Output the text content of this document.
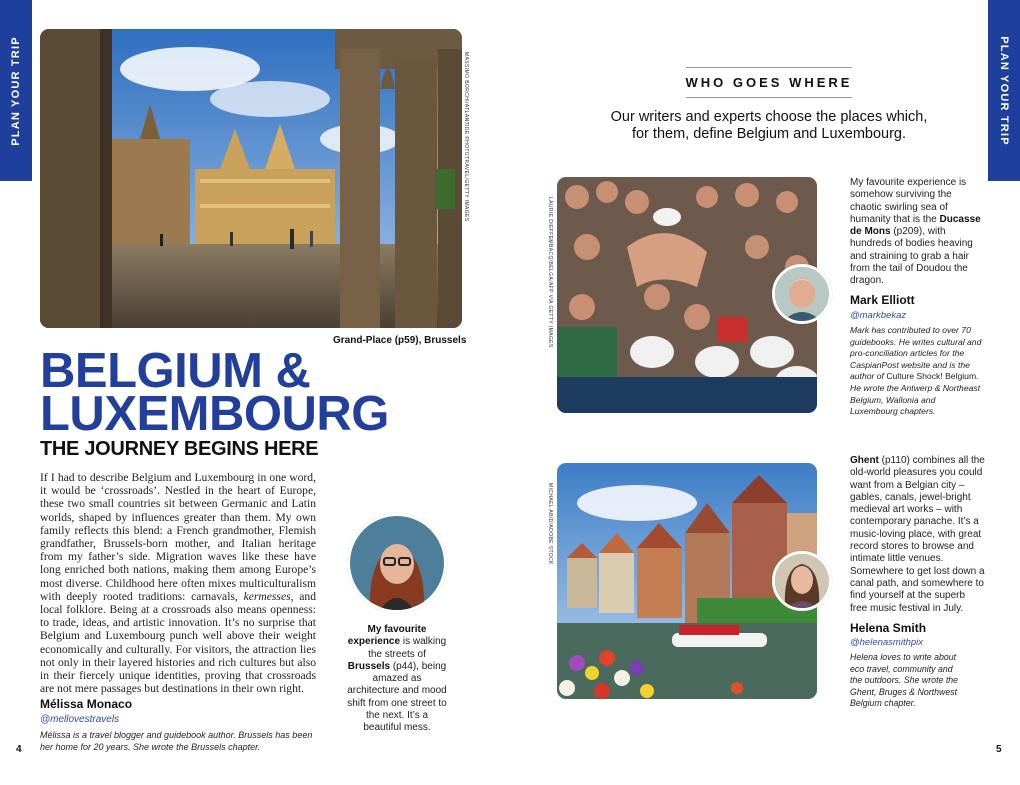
PLAN YOUR TRIP	PLAN YOUR TRIP
MASSIMO BORCHI/ATLANTIDE PHOTOTRAVEL/GETTY IMAGES
Grand-Place (p59), Brussels
BELGIUM &
LUXEMBOURG
THE JOURNEY BEGINS HERE
If I had to describe Belgium and Luxembourg in one word, it would be ‘crossroads’. Nestled in the heart of Europe, these two small countries sit between Germanic and Latin worlds, shaped by influences greater than them. My own family reflects this blend: a French grandmother, Flemish grandfather, Brussels-born mother, and Italian heritage from my father’s side. Migration waves like these have long enriched both nations, making them among Europe’s most diverse. Childhood here often mixes multiculturalism with deeply rooted traditions: carnavals, kermesses, and local folklore. Being at a crossroads also means openness: to trade, ideas, and artistic innovation. It’s no surprise that Belgium and Luxembourg punch well above their weight economically and culturally. For visitors, the attraction lies not only in their layered histories and rich cultures but also in their fiercely unique identities, proving that crossroads are not mere passages but destinations in their own right.
Mélissa Monaco
@mellovestravels
Mélissa is a travel blogger and guidebook author. Brussels has been her home for 20 years. She wrote the Brussels chapter.
My favourite experience is walking the streets of Brussels (p44), being amazed as architecture and mood shift from one street to the next. It’s a beautiful mess.
4
WHO GOES WHERE
Our writers and experts choose the places which, for them, define Belgium and Luxembourg.
LAURIE DIEFFEMBACQ/BELGA/AFP VIA GETTY IMAGES
My favourite experience is somehow surviving the chaotic swirling sea of humanity that is the Ducasse de Mons (p209), with hundreds of bodies heaving and straining to grab a hair from the tail of Doudou the dragon.
Mark Elliott
@markbekaz
Mark has contributed to over 70 guidebooks. He writes cultural and pro-conciliation articles for the CaspianPost website and is the author of Culture Shock! Belgium. He wrote the Antwerp & Northeast Belgium, Wallonia and Luxembourg chapters.
MICHAEL ABID/ADOBE STOCK
Ghent (p110) combines all the old-world pleasures you could want from a Belgian city – gables, canals, jewel-bright medieval art works – with contemporary panache. It’s a music-loving place, with great record stores to browse and intimate little venues. Somewhere to get lost down a canal path, and somewhere to find yourself at the superb free music festival in July.
Helena Smith
@helenasmithpix
Helena loves to write about eco travel, community and the outdoors. She wrote the Ghent, Bruges & Northwest Belgium chapter.
5
